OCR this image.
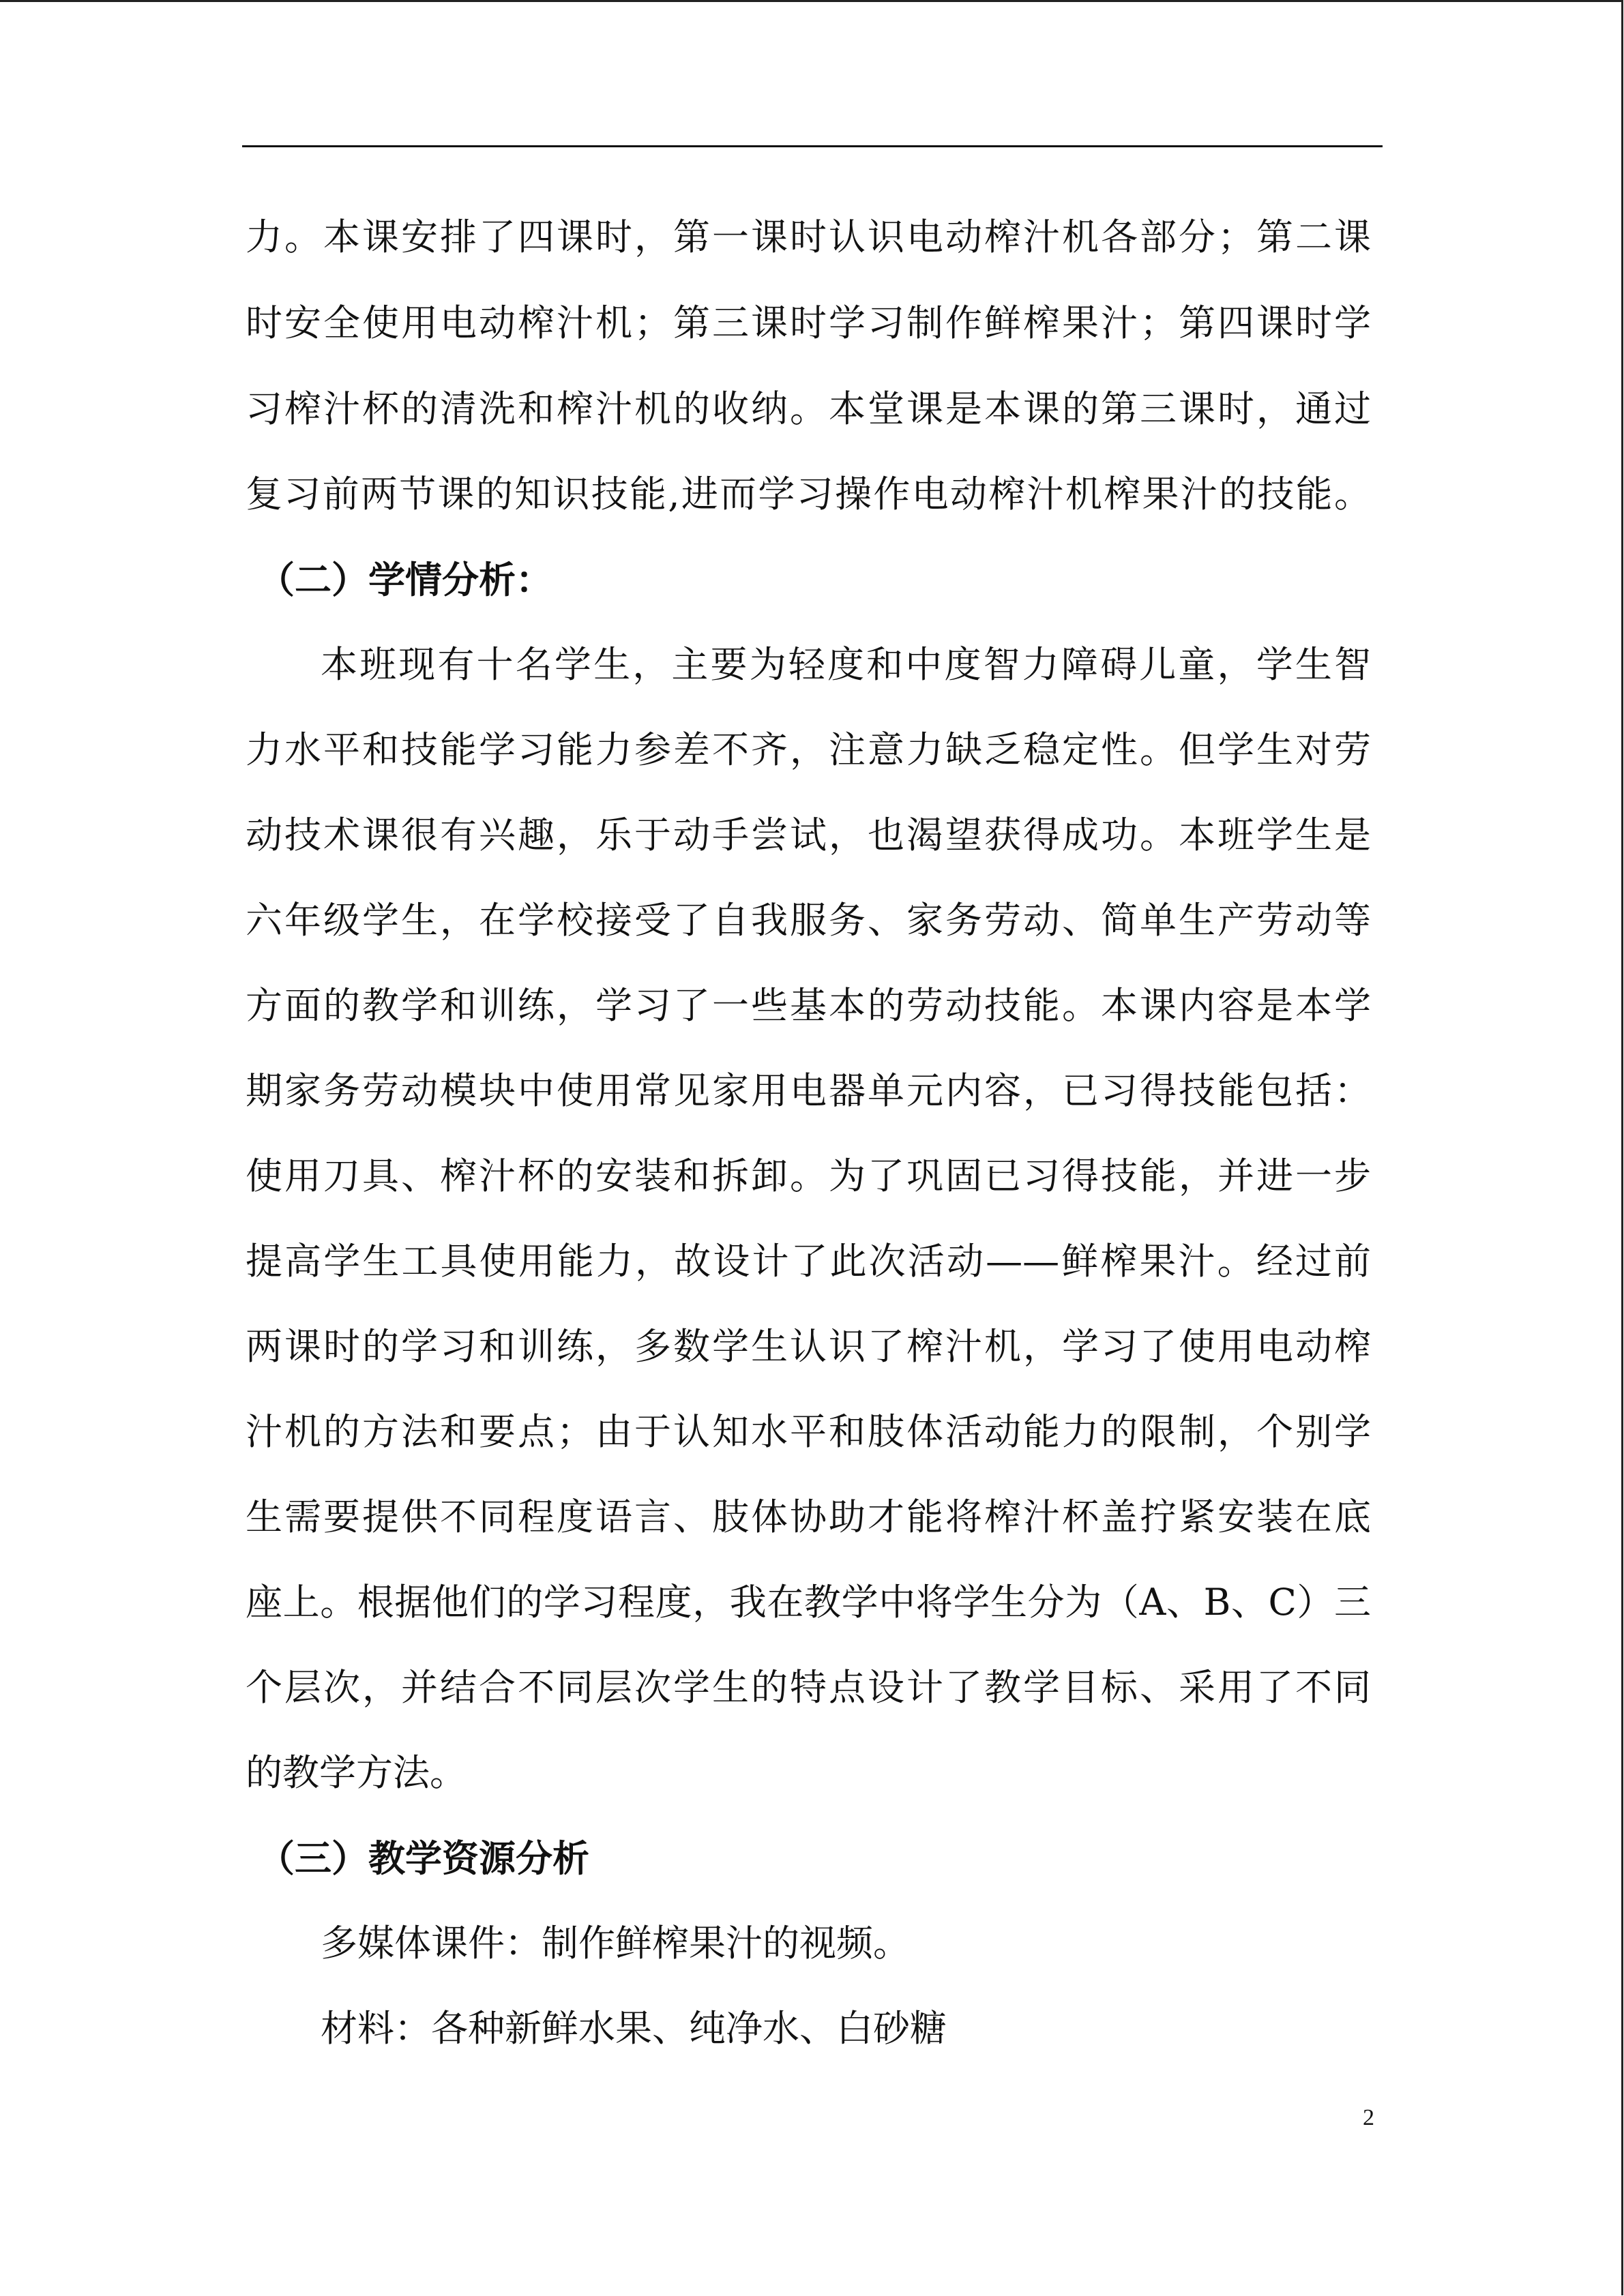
力。本课安排了四课时，第一课时认识电动榨汁机各部分；第二课
时安全使用电动榨汁机；第三课时学习制作鲜榨果汁；第四课时学
习榨汁杯的清洗和榨汁机的收纳。本堂课是本课的第三课时，通过
复习前两节课的知识技能,进而学习操作电动榨汁机榨果汁的技能。
（二）学情分析：
本班现有十名学生，主要为轻度和中度智力障碍儿童，学生智
力水平和技能学习能力参差不齐，注意力缺乏稳定性。但学生对劳
动技术课很有兴趣，乐于动手尝试，也渴望获得成功。本班学生是
六年级学生，在学校接受了自我服务、家务劳动、简单生产劳动等
方面的教学和训练，学习了一些基本的劳动技能。本课内容是本学
期家务劳动模块中使用常见家用电器单元内容，已习得技能包括：
使用刀具、榨汁杯的安装和拆卸。为了巩固已习得技能，并进一步
提高学生工具使用能力，故设计了此次活动——鲜榨果汁。经过前
两课时的学习和训练，多数学生认识了榨汁机，学习了使用电动榨
汁机的方法和要点；由于认知水平和肢体活动能力的限制，个别学
生需要提供不同程度语言、肢体协助才能将榨汁杯盖拧紧安装在底
座上。根据他们的学习程度，我在教学中将学生分为（A、B、C）三
个层次，并结合不同层次学生的特点设计了教学目标、采用了不同
的教学方法。
（三）教学资源分析
多媒体课件：制作鲜榨果汁的视频。
材料：各种新鲜水果、纯净水、白砂糖
2
